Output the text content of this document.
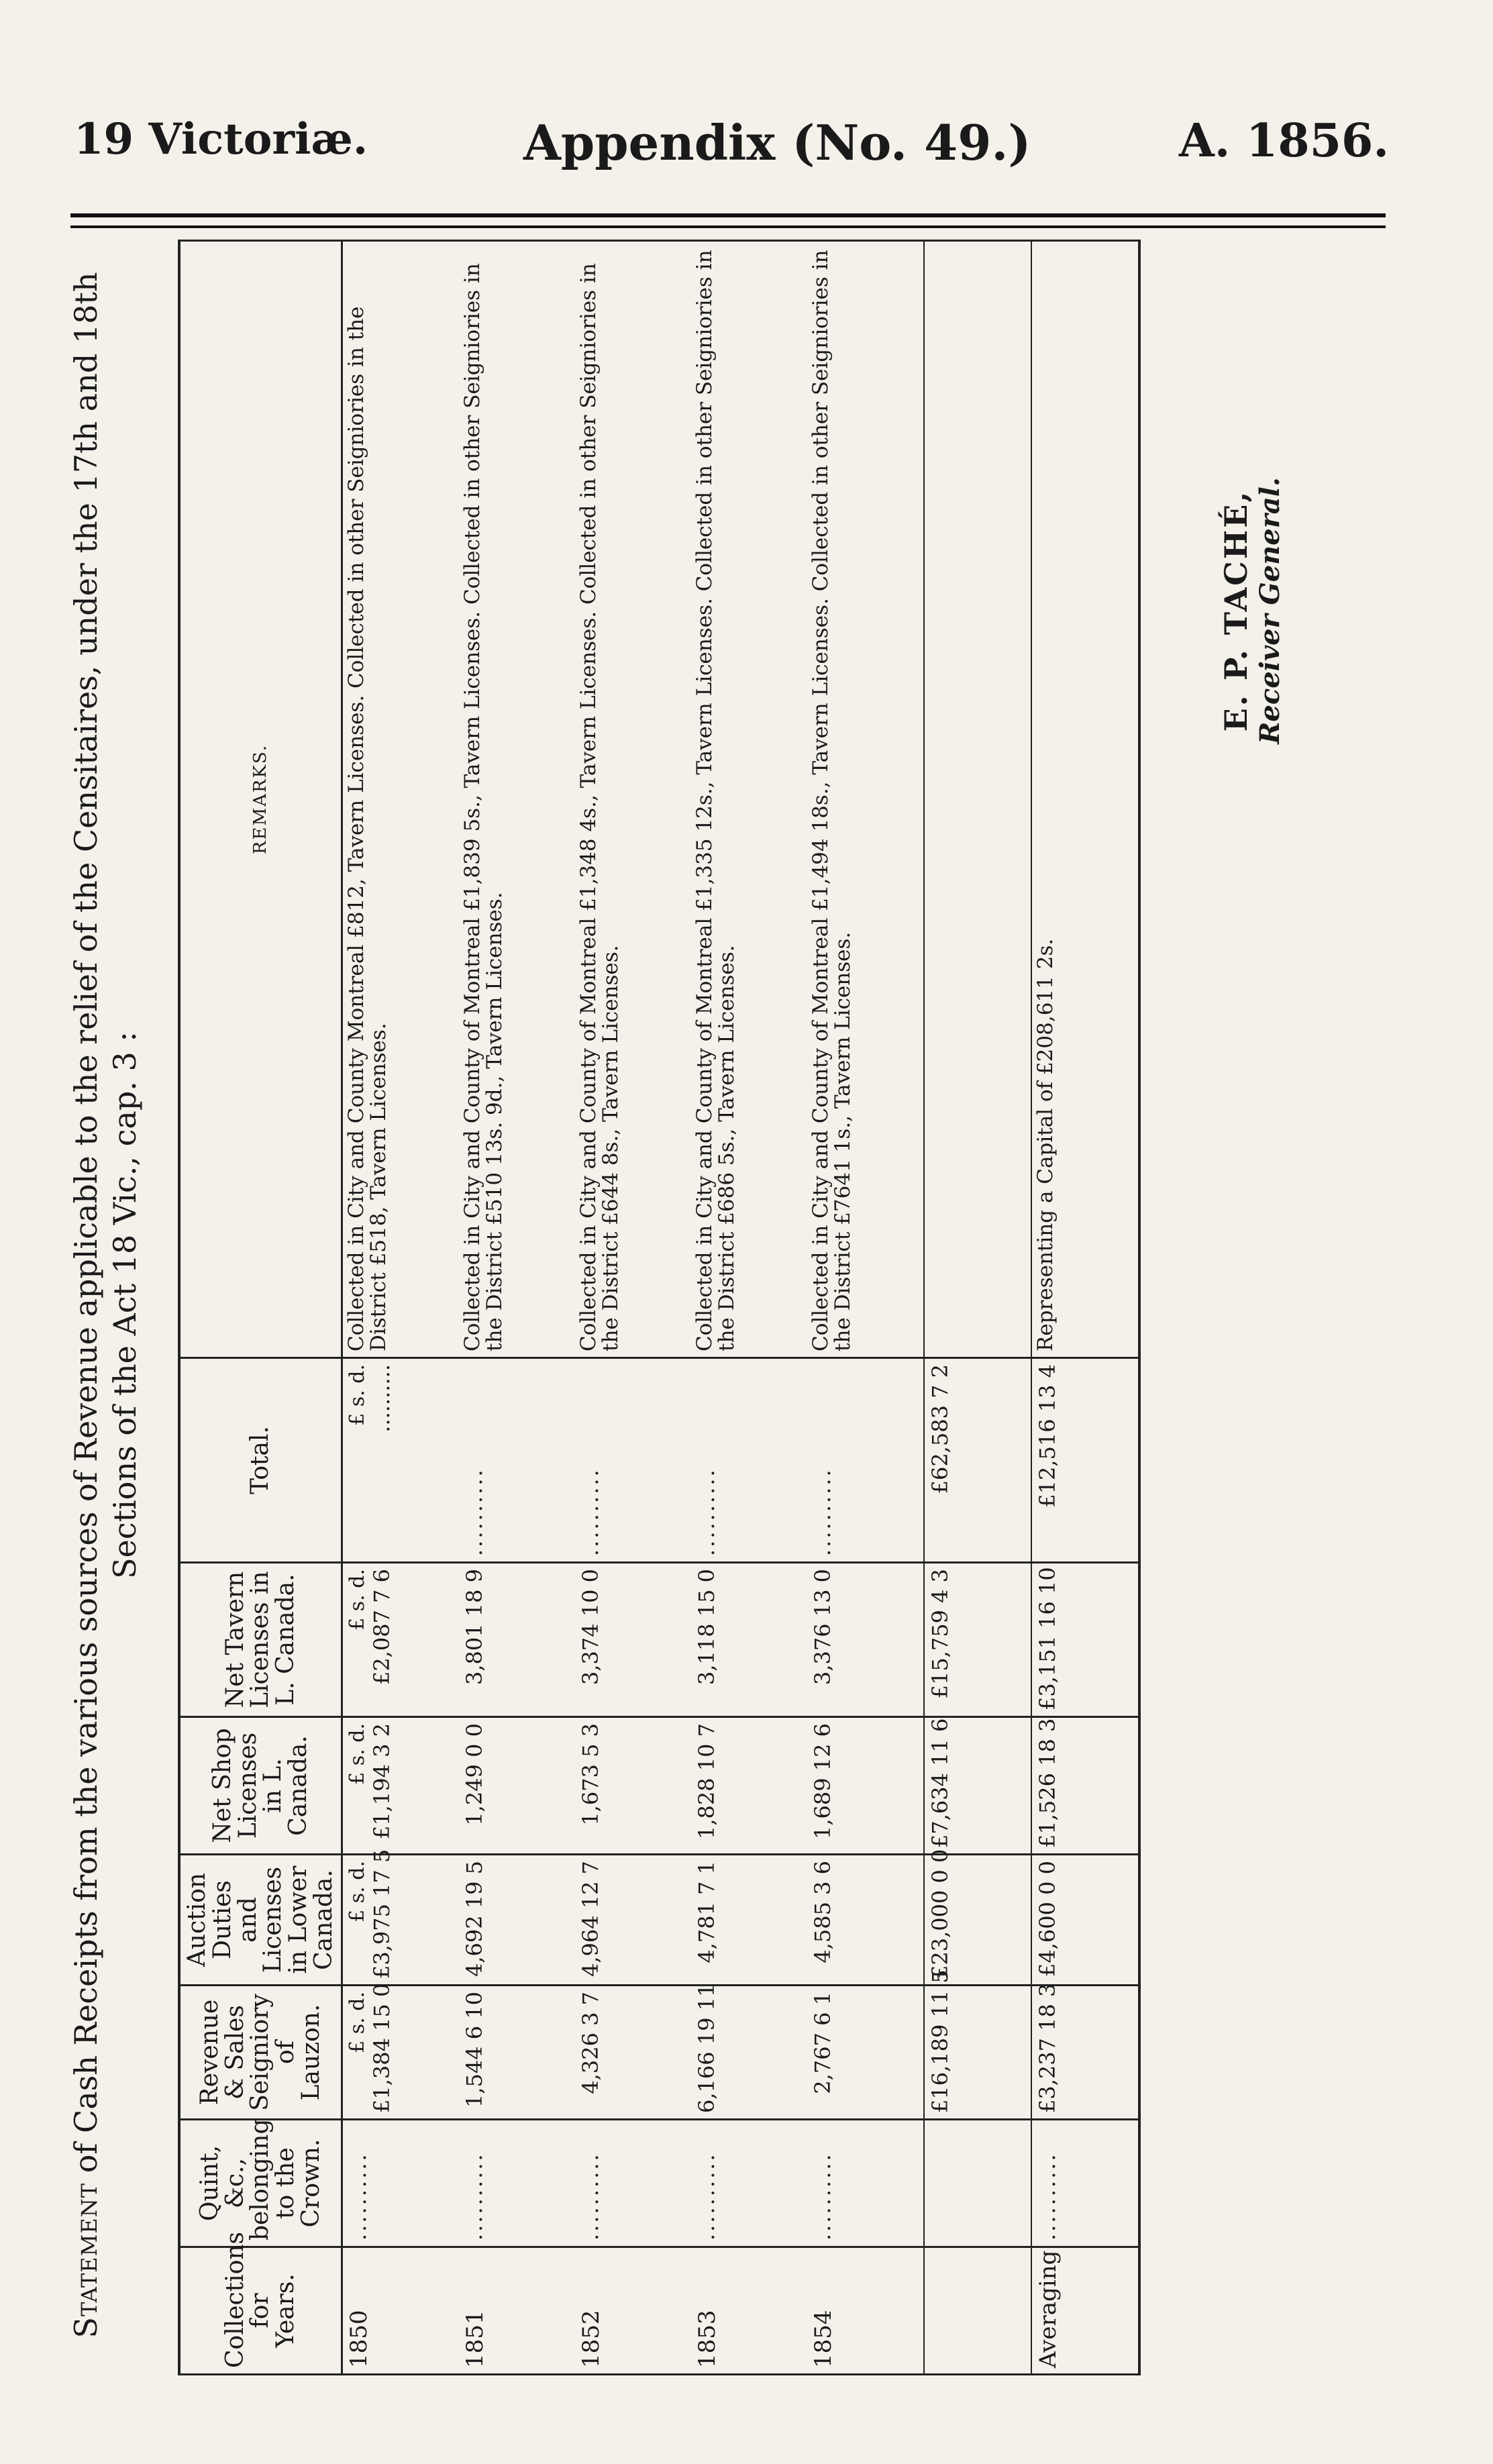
19 Victoriæ.	Appendix (No. 49.)	A. 1856.
Statement of Cash Receipts from the various sources of Revenue applicable to the relief of the Censitaires, under the 17th and 18th Sections of the Act 18 Vic., cap. 3 :
Collections for Years.	Quint, &c., belonging to the Crown.	Revenue & Sales Seigniory of Lauzon.	Auction Duties and Licenses in Lower Canada.	Net Shop Licenses in L. Canada.	Net Tavern Licenses in L. Canada.	Total.	REMARKS.
1850	..........	£ s. d. £1,384 15 0	£ s. d. £3,975 17 5	£ s. d. £1,194 3 2	£ s. d. £2,087 7 6	£ s. d. ..........	Collected in City and County Montreal £812, Tavern Licenses. Collected in other Seigniories in the District £518, Tavern Licenses.
1851	..........	1,544 6 10	4,692 19 5	1,249 0 0	3,801 18 9	..........	Collected in City and County of Montreal £1,839 5s., Tavern Licenses. Collected in other Seigniories in the District £510 13s. 9d., Tavern Licenses.
1852	..........	4,326 3 7	4,964 12 7	1,673 5 3	3,374 10 0	..........	Collected in City and County of Montreal £1,348 4s., Tavern Licenses. Collected in other Seigniories in the District £644 8s., Tavern Licenses.
1853	..........	6,166 19 11	4,781 7 1	1,828 10 7	3,118 15 0	..........	Collected in City and County of Montreal £1,335 12s., Tavern Licenses. Collected in other Seigniories in the District £686 5s., Tavern Licenses.
1854	..........	2,767 6 1	4,585 3 6	1,689 12 6	3,376 13 0	..........	Collected in City and County of Montreal £1,494 18s., Tavern Licenses. Collected in other Seigniories in the District £7641 1s., Tavern Licenses.
		£16,189 11 5	£23,000 0 0	£7,634 11 6	£15,759 4 3	£62,583 7 2	
Averaging	..........	£3,237 18 3	£4,600 0 0	£1,526 18 3	£3,151 16 10	£12,516 13 4	Representing a Capital of £208,611 2s.
E. P. TACHÉ, Receiver General.
